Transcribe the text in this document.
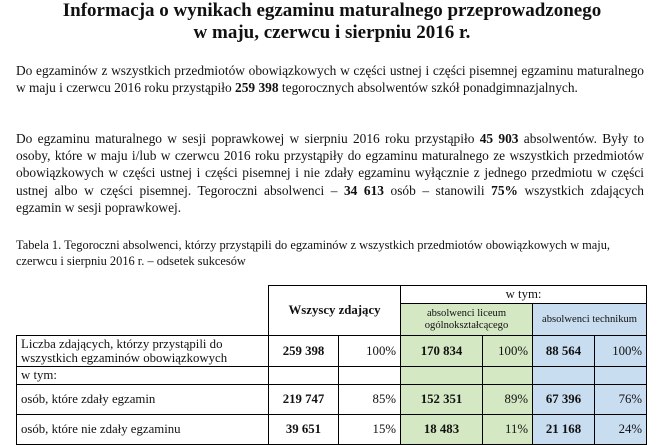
Informacja o wynikach egzaminu maturalnego przeprowadzonego
w maju, czerwcu i sierpniu 2016 r.
Do egzaminów z wszystkich przedmiotów obowiązkowych w części ustnej i części pisemnej egzaminu maturalnego w maju i czerwcu 2016 roku przystąpiło 259 398 tegorocznych absolwentów szkół ponadgimnazjalnych.
Do egzaminu maturalnego w sesji poprawkowej w sierpniu 2016 roku przystąpiło 45 903 absolwentów. Były to osoby, które w maju i/lub w czerwcu 2016 roku przystąpiły do egzaminu maturalnego ze wszystkich przedmiotów obowiązkowych w części ustnej i części pisemnej i nie zdały egzaminu wyłącznie z jednego przedmiotu w części ustnej albo w części pisemnej. Tegoroczni absolwenci – 34 613 osób – stanowili 75% wszystkich zdających egzamin w sesji poprawkowej.
Tabela 1. Tegoroczni absolwenci, którzy przystąpili do egzaminów z wszystkich przedmiotów obowiązkowych w maju, czerwcu i sierpniu 2016 r. – odsetek sukcesów
	Wszyscy zdający		w tym:			
			absolwenci liceum ogólnokształcącego		absolwenci technikum	
Liczba zdających, którzy przystąpili do wszystkich egzaminów obowiązkowych	259 398	100%	170 834	100%	88 564	100%
w tym:						
osób, które zdały egzamin	219 747	85%	152 351	89%	67 396	76%
osób, które nie zdały egzaminu	39 651	15%	18 483	11%	21 168	24%
